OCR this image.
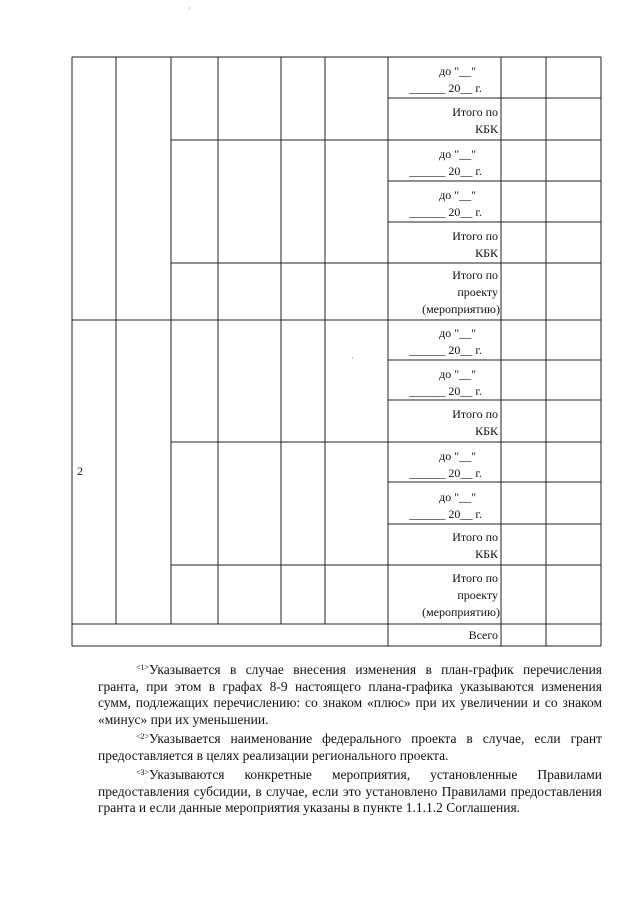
до "__"
______ 20__ г.
Итого по
КБК
до "__"
______ 20__ г.
до "__"
______ 20__ г.
Итого по
КБК
Итого по
проекту
(мероприятию)
2
до "__"
______ 20__ г.
до "__"
______ 20__ г.
Итого по
КБК
до "__"
______ 20__ г.
до "__"
______ 20__ г.
Итого по
КБК
Итого по
проекту
(мероприятию)
Всего
·
·

$^{<1>}$Указывается в случае внесения изменения в план-график перечисления гранта, при этом в графах 8-9 настоящего плана-графика указываются изменения сумм, подлежащих перечислению: со знаком «плюс» при их увеличении и со знаком «минус» при их уменьшении.

$^{<2>}$Указывается наименование федерального проекта в случае, если грант предоставляется в целях реализации регионального проекта.

$^{<3>}$Указываются конкретные мероприятия, установленные Правилами предоставления субсидии, в случае, если это установлено Правилами предоставления гранта и если данные мероприятия указаны в пункте 1.1.1.2 Соглашения.
